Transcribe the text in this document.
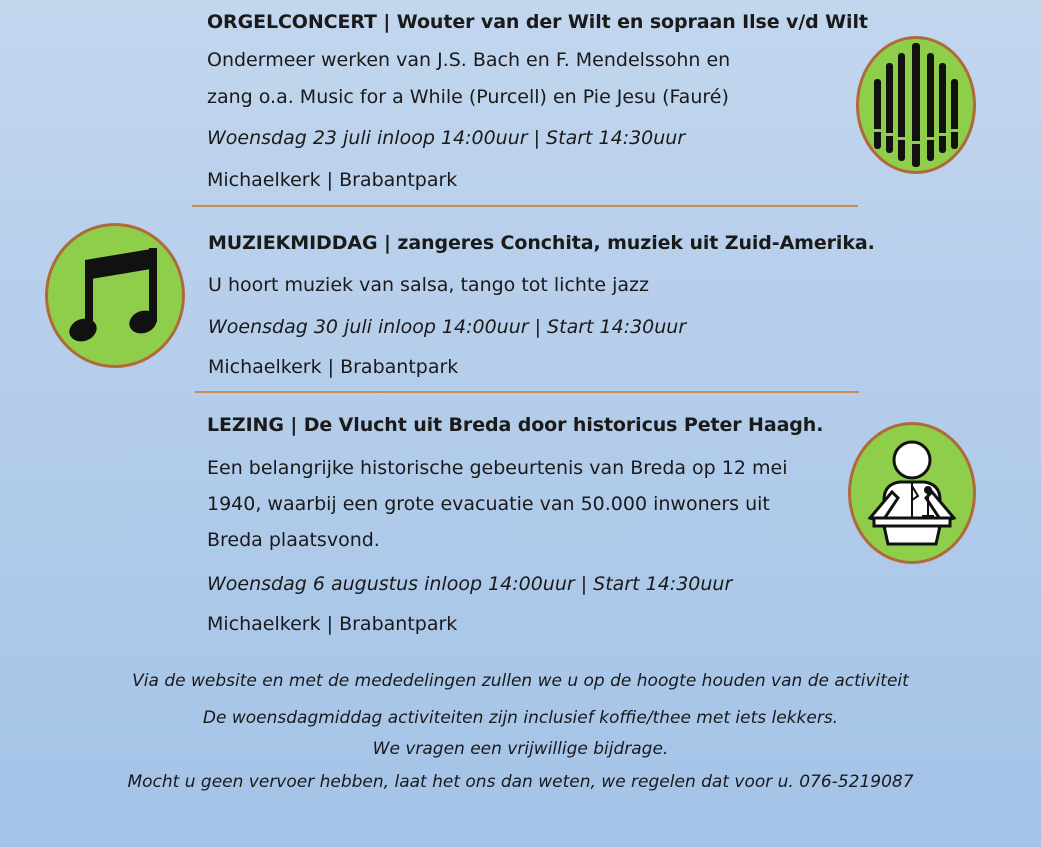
ORGELCONCERT | Wouter van der Wilt en sopraan Ilse v/d Wilt
Ondermeer werken van J.S. Bach en F. Mendelssohn en
zang o.a. Music for a While (Purcell) en Pie Jesu (Fauré)
Woensdag 23 juli inloop 14:00uur | Start 14:30uur
Michaelkerk | Brabantpark
MUZIEKMIDDAG | zangeres Conchita, muziek uit Zuid-Amerika.
U hoort muziek van salsa, tango tot lichte jazz
Woensdag 30 juli inloop 14:00uur | Start 14:30uur
Michaelkerk | Brabantpark
LEZING | De Vlucht uit Breda door historicus Peter Haagh.
Een belangrijke historische gebeurtenis van Breda op 12 mei
1940, waarbij een grote evacuatie van 50.000 inwoners uit
Breda plaatsvond.
Woensdag 6 augustus inloop 14:00uur | Start 14:30uur
Michaelkerk | Brabantpark
Via de website en met de mededelingen zullen we u op de hoogte houden van de activiteit
De woensdagmiddag activiteiten zijn inclusief koffie/thee met iets lekkers.
We vragen een vrijwillige bijdrage.
Mocht u geen vervoer hebben, laat het ons dan weten, we regelen dat voor u. 076-5219087
